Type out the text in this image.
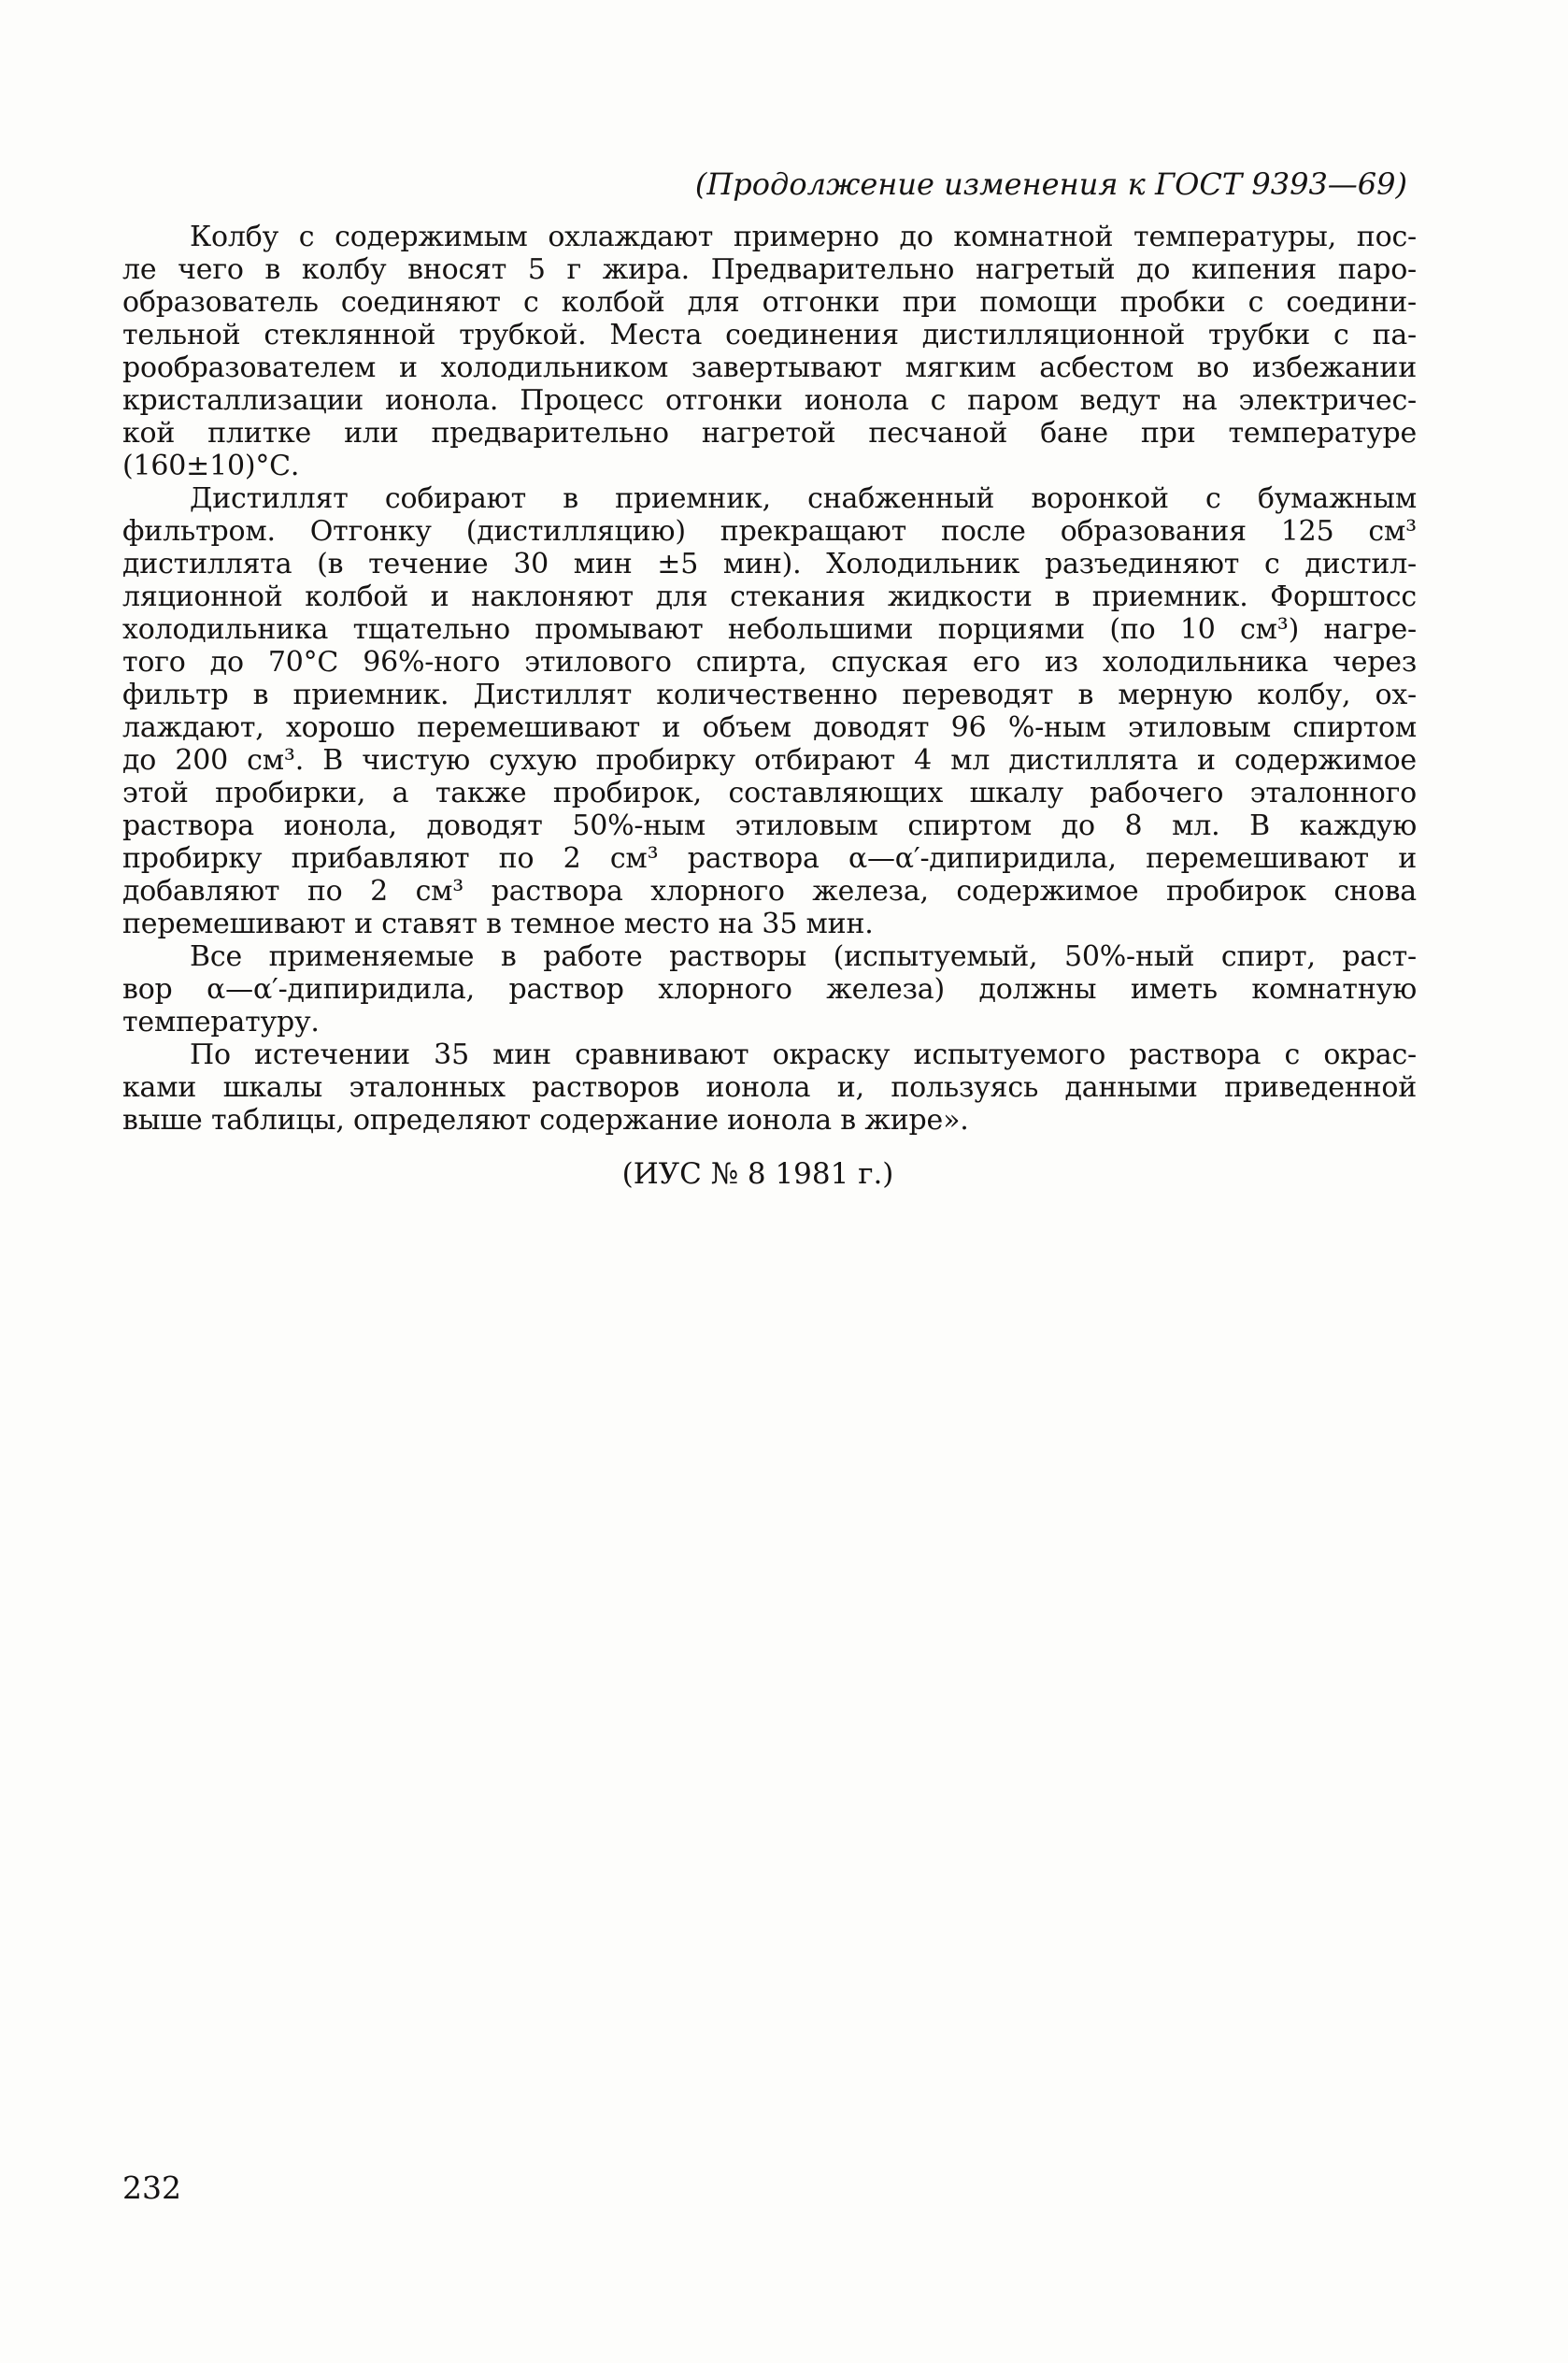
(Продолжение изменения к ГОСТ 9393—69)
Колбу с содержимым охлаждают примерно до комнатной температуры, пос-
ле чего в колбу вносят 5 г жира. Предварительно нагретый до кипения паро-
образователь соединяют с колбой для отгонки при помощи пробки с соедини-
тельной стеклянной трубкой. Места соединения дистилляционной трубки с па-
рообразователем и холодильником завертывают мягким асбестом во избежании
кристаллизации ионола. Процесс отгонки ионола с паром ведут на электричес-
кой плитке или предварительно нагретой песчаной бане при температуре
(160±10)°С.
Дистиллят собирают в приемник, снабженный воронкой с бумажным
фильтром. Отгонку (дистилляцию) прекращают после образования 125 см³
дистиллята (в течение 30 мин ±5 мин). Холодильник разъединяют с дистил-
ляционной колбой и наклоняют для стекания жидкости в приемник. Форштосс
холодильника тщательно промывают небольшими порциями (по 10 см³) нагре-
того до 70°С 96%-ного этилового спирта, спуская его из холодильника через
фильтр в приемник. Дистиллят количественно переводят в мерную колбу, ох-
лаждают, хорошо перемешивают и объем доводят 96 %-ным этиловым спиртом
до 200 см³. В чистую сухую пробирку отбирают 4 мл дистиллята и содержимое
этой пробирки, а также пробирок, составляющих шкалу рабочего эталонного
раствора ионола, доводят 50%-ным этиловым спиртом до 8 мл. В каждую
пробирку прибавляют по 2 см³ раствора α—α′-дипиридила, перемешивают и
добавляют по 2 см³ раствора хлорного железа, содержимое пробирок снова
перемешивают и ставят в темное место на 35 мин.
Все применяемые в работе растворы (испытуемый, 50%-ный спирт, раст-
вор α—α′-дипиридила, раствор хлорного железа) должны иметь комнатную
температуру.
По истечении 35 мин сравнивают окраску испытуемого раствора с окрас-
ками шкалы эталонных растворов ионола и, пользуясь данными приведенной
выше таблицы, определяют содержание ионола в жире».
(ИУС № 8 1981 г.)
232
